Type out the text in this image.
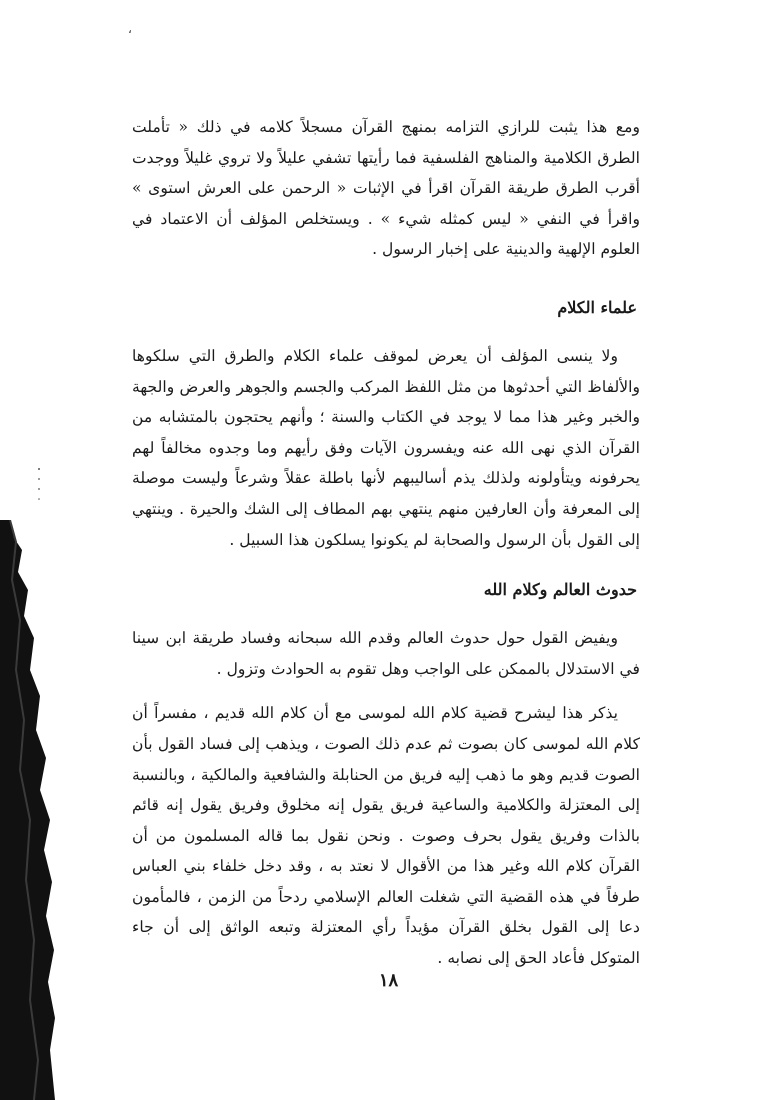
،

ومع هذا يثبت للرازي التزامه بمنهج القرآن مسجلاً كلامه في ذلك « تأملت الطرق الكلامية والمناهج الفلسفية فما رأيتها تشفي عليلاً ولا تروي غليلاً ووجدت أقرب الطرق طريقة القرآن اقرأ في الإثبات « الرحمن على العرش استوى » واقرأ في النفي « ليس كمثله شيء » . ويستخلص المؤلف أن الاعتماد في العلوم الإلهية والدينية على إخبار الرسول .

علماء الكلام

ولا ينسى المؤلف أن يعرض لموقف علماء الكلام والطرق التي سلكوها والألفاظ التي أحدثوها من مثل اللفظ المركب والجسم والجوهر والعرض والجهة والخبر وغير هذا مما لا يوجد في الكتاب والسنة ؛ وأنهم يحتجون بالمتشابه من القرآن الذي نهى الله عنه ويفسرون الآيات وفق رأيهم وما وجدوه مخالفاً لهم يحرفونه ويتأولونه ولذلك يذم أساليبهم لأنها باطلة عقلاً وشرعاً وليست موصلة إلى المعرفة وأن العارفين منهم ينتهي بهم المطاف إلى الشك والحيرة . وينتهي إلى القول بأن الرسول والصحابة لم يكونوا يسلكون هذا السبيل .

حدوث العالم وكلام الله

ويفيض القول حول حدوث العالم وقدم الله سبحانه وفساد طريقة ابن سينا في الاستدلال بالممكن على الواجب وهل تقوم به الحوادث وتزول .

يذكر هذا ليشرح قضية كلام الله لموسى مع أن كلام الله قديم ، مفسراً أن كلام الله لموسى كان بصوت ثم عدم ذلك الصوت ، ويذهب إلى فساد القول بأن الصوت قديم وهو ما ذهب إليه فريق من الحنابلة والشافعية والمالكية ، وبالنسبة إلى المعتزلة والكلامية والساعية فريق يقول إنه مخلوق وفريق يقول إنه قائم بالذات وفريق يقول بحرف وصوت . ونحن نقول بما قاله المسلمون من أن القرآن كلام الله وغير هذا من الأقوال لا نعتد به ، وقد دخل خلفاء بني العباس طرفاً في هذه القضية التي شغلت العالم الإسلامي ردحاً من الزمن ، فالمأمون دعا إلى القول بخلق القرآن مؤيداً رأي المعتزلة وتبعه الواثق إلى أن جاء المتوكل فأعاد الحق إلى نصابه .

١٨
